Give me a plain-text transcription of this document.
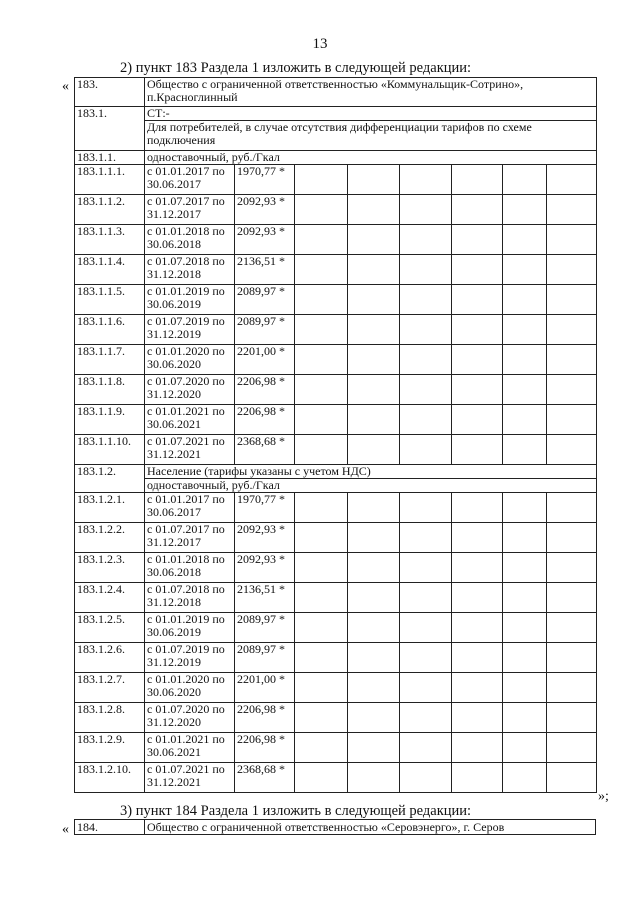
13
2) пункт 183 Раздела 1 изложить в следующей редакции:
« 183.	Общество с ограниченной ответственностью «Коммунальщик-Сотрино», п.Красноглинный							
183.1.	СТ:-							
	Для потребителей, в случае отсутствия дифференциации тарифов по схеме подключения							
183.1.1.	одноставочный, руб./Гкал							
183.1.1.1.	с 01.01.2017 по 30.06.2017	1970,77 *						
183.1.1.2.	с 01.07.2017 по 31.12.2017	2092,93 *						
183.1.1.3.	с 01.01.2018 по 30.06.2018	2092,93 *						
183.1.1.4.	с 01.07.2018 по 31.12.2018	2136,51 *						
183.1.1.5.	с 01.01.2019 по 30.06.2019	2089,97 *						
183.1.1.6.	с 01.07.2019 по 31.12.2019	2089,97 *						
183.1.1.7.	с 01.01.2020 по 30.06.2020	2201,00 *						
183.1.1.8.	с 01.07.2020 по 31.12.2020	2206,98 *						
183.1.1.9.	с 01.01.2021 по 30.06.2021	2206,98 *						
183.1.1.10.	с 01.07.2021 по 31.12.2021	2368,68 *						
183.1.2.	Население (тарифы указаны с учетом НДС)							
	одноставочный, руб./Гкал							
183.1.2.1.	с 01.01.2017 по 30.06.2017	1970,77 *						
183.1.2.2.	с 01.07.2017 по 31.12.2017	2092,93 *						
183.1.2.3.	с 01.01.2018 по 30.06.2018	2092,93 *						
183.1.2.4.	с 01.07.2018 по 31.12.2018	2136,51 *						
183.1.2.5.	с 01.01.2019 по 30.06.2019	2089,97 *						
183.1.2.6.	с 01.07.2019 по 31.12.2019	2089,97 *						
183.1.2.7.	с 01.01.2020 по 30.06.2020	2201,00 *						
183.1.2.8.	с 01.07.2020 по 31.12.2020	2206,98 *						
183.1.2.9.	с 01.01.2021 по 30.06.2021	2206,98 *						
183.1.2.10.	с 01.07.2021 по 31.12.2021	2368,68 *						
»;
3) пункт 184 Раздела 1 изложить в следующей редакции:
« 184.	Общество с ограниченной ответственностью «Серовэнерго», г. Серов
